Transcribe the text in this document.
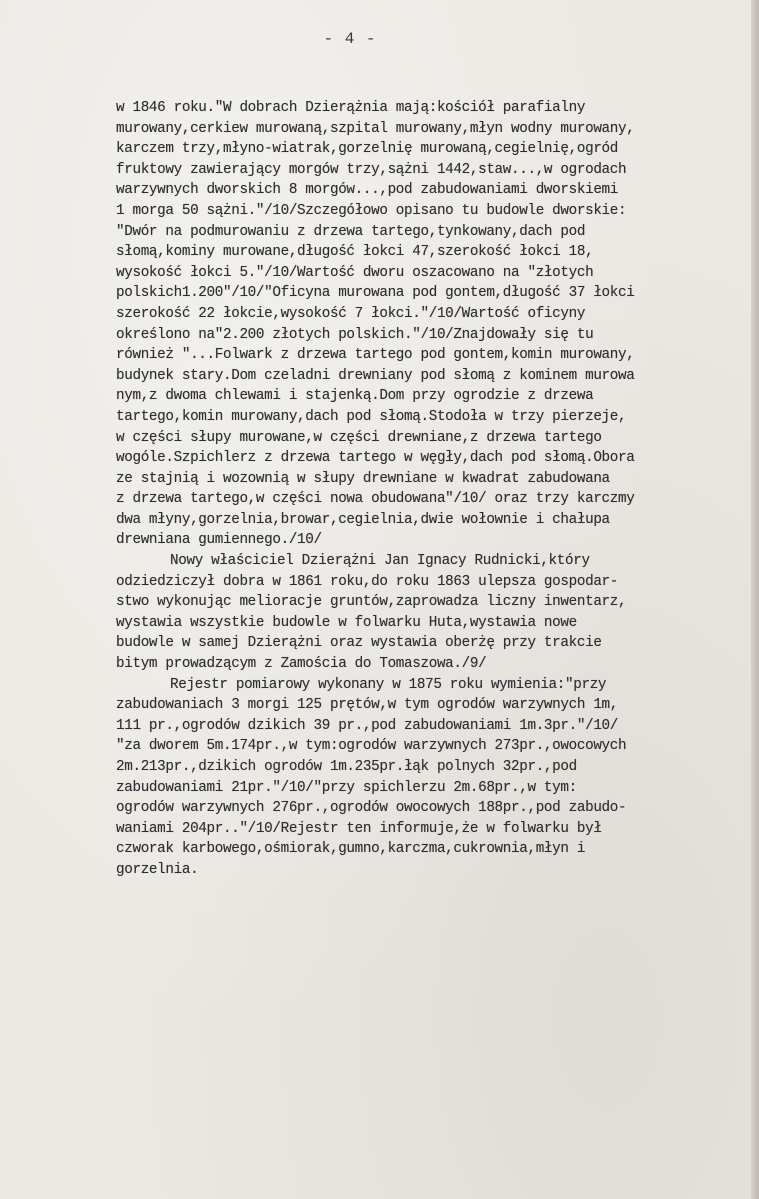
- 4 -
w 1846 roku."W dobrach Dzierążnia mają:kościół parafialny
murowany,cerkiew murowaną,szpital murowany,młyn wodny murowany,
karczem trzy,młyno-wiatrak,gorzelnię murowaną,cegielnię,ogród
fruktowy zawierający morgów trzy,sążni 1442,staw...,w ogrodach
warzywnych dworskich 8 morgów...,pod zabudowaniami dworskiemi
1 morga 50 sążni."/10/Szczegółowo opisano tu budowle dworskie:
"Dwór na podmurowaniu z drzewa tartego,tynkowany,dach pod
słomą,kominy murowane,długość łokci 47,szerokość łokci 18,
wysokość łokci 5."/10/Wartość dworu oszacowano na "złotych
polskich1.200"/10/"Oficyna murowana pod gontem,długość 37 łokci
szerokość 22 łokcie,wysokość 7 łokci."/10/Wartość oficyny
określono na"2.200 złotych polskich."/10/Znajdowały się tu
również "...Folwark z drzewa tartego pod gontem,komin murowany,
budynek stary.Dom czeladni drewniany pod słomą z kominem murowa
nym,z dwoma chlewami i stajenką.Dom przy ogrodzie z drzewa
tartego,komin murowany,dach pod słomą.Stodoła w trzy pierzeje,
w części słupy murowane,w części drewniane,z drzewa tartego
wogóle.Szpichlerz z drzewa tartego w węgły,dach pod słomą.Obora
ze stajnią i wozownią w słupy drewniane w kwadrat zabudowana
z drzewa tartego,w części nowa obudowana"/10/ oraz trzy karczmy
dwa młyny,gorzelnia,browar,cegielnia,dwie wołownie i chałupa
drewniana gumiennego./10/
Nowy właściciel Dzierążni Jan Ignacy Rudnicki,który
odziedziczył dobra w 1861 roku,do roku 1863 ulepsza gospodar-
stwo wykonując melioracje gruntów,zaprowadza liczny inwentarz,
wystawia wszystkie budowle w folwarku Huta,wystawia nowe
budowle w samej Dzierążni oraz wystawia oberżę przy trakcie
bitym prowadzącym z Zamościa do Tomaszowa./9/
Rejestr pomiarowy wykonany w 1875 roku wymienia:"przy
zabudowaniach 3 morgi 125 prętów,w tym ogrodów warzywnych 1m,
111 pr.,ogrodów dzikich 39 pr.,pod zabudowaniami 1m.3pr."/10/
"za dworem 5m.174pr.,w tym:ogrodów warzywnych 273pr.,owocowych
2m.213pr.,dzikich ogrodów 1m.235pr.łąk polnych 32pr.,pod
zabudowaniami 21pr."/10/"przy spichlerzu 2m.68pr.,w tym:
ogrodów warzywnych 276pr.,ogrodów owocowych 188pr.,pod zabudo-
waniami 204pr.."/10/Rejestr ten informuje,że w folwarku był
czworak karbowego,ośmiorak,gumno,karczma,cukrownia,młyn i
gorzelnia.
